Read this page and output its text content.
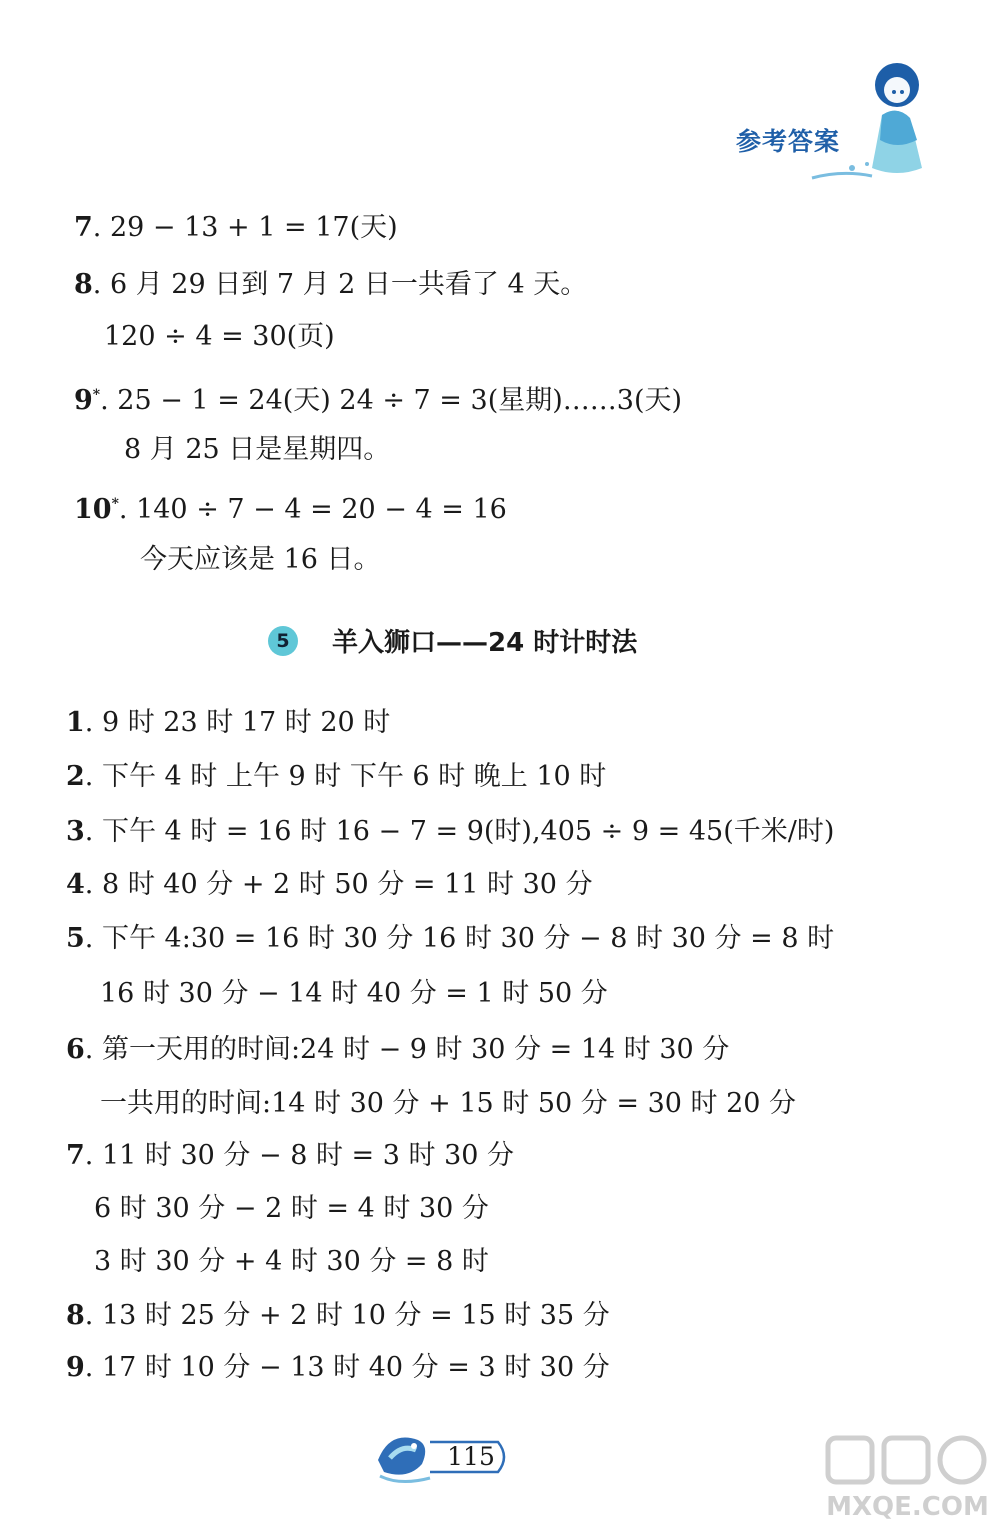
参考答案
7. 29 − 13 + 1 = 17(天)
8. 6 月 29 日到 7 月 2 日一共看了 4 天。
120 ÷ 4 = 30(页)
9*. 25 − 1 = 24(天) 24 ÷ 7 = 3(星期)……3(天)
8 月 25 日是星期四。
10*. 140 ÷ 7 − 4 = 20 − 4 = 16
今天应该是 16 日。
5	羊入狮口——24 时计时法
1. 9 时 23 时 17 时 20 时
2. 下午 4 时 上午 9 时 下午 6 时 晚上 10 时
3. 下午 4 时 = 16 时 16 − 7 = 9(时),405 ÷ 9 = 45(千米/时)
4. 8 时 40 分 + 2 时 50 分 = 11 时 30 分
5. 下午 4:30 = 16 时 30 分 16 时 30 分 − 8 时 30 分 = 8 时
16 时 30 分 − 14 时 40 分 = 1 时 50 分
6. 第一天用的时间:24 时 − 9 时 30 分 = 14 时 30 分
一共用的时间:14 时 30 分 + 15 时 50 分 = 30 时 20 分
7. 11 时 30 分 − 8 时 = 3 时 30 分
6 时 30 分 − 2 时 = 4 时 30 分
3 时 30 分 + 4 时 30 分 = 8 时
8. 13 时 25 分 + 2 时 10 分 = 15 时 35 分
9. 17 时 10 分 − 13 时 40 分 = 3 时 30 分
115
MXQE.COM
